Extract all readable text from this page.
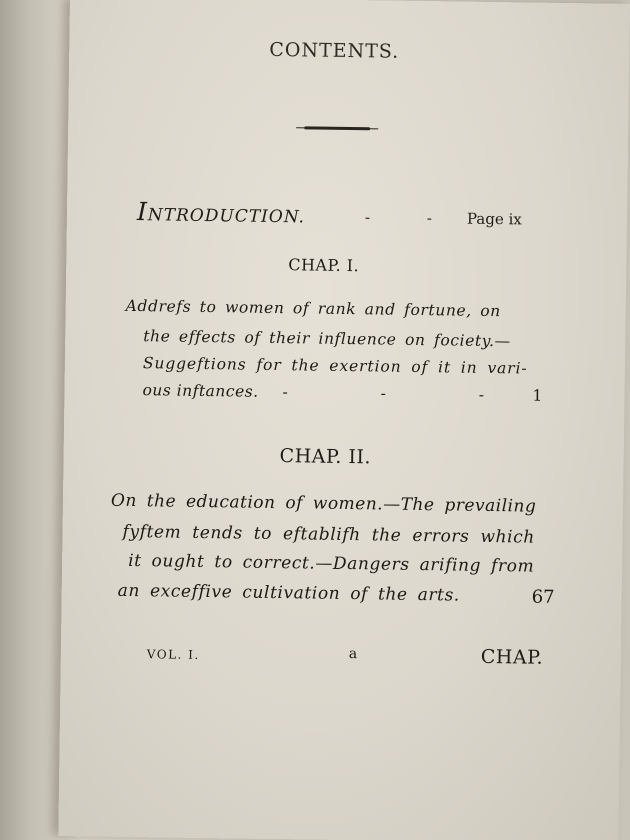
CONTENTS.
INTRODUCTION.	- - Page ix
CHAP. I.
Addrefs to women of rank and fortune, on
the effects of their influence on fociety.—
Suggeftions for the exertion of it in vari-
ous inftances. - - - 1
CHAP. II.
On the education of women.—The prevailing
fyftem tends to eftablifh the errors which
it ought to correct.—Dangers arifing from
an exceffive cultivation of the arts.	67
VOL. I.	a	CHAP.
